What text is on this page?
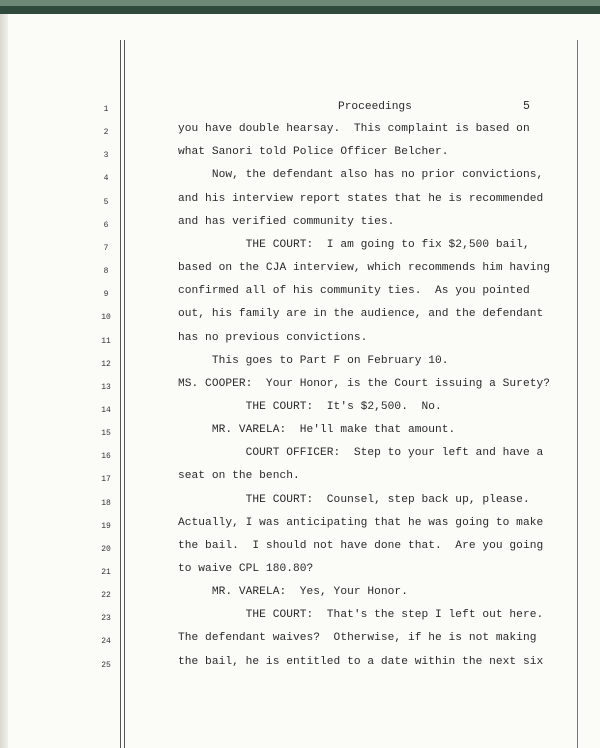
Proceedings	5
1
2	you have double hearsay.  This complaint is based on
3	what Sanori told Police Officer Belcher.
4	Now, the defendant also has no prior convictions,
5	and his interview report states that he is recommended
6	and has verified community ties.
7	THE COURT:  I am going to fix $2,500 bail,
8	based on the CJA interview, which recommends him having
9	confirmed all of his community ties.  As you pointed
10	out, his family are in the audience, and the defendant
11	has no previous convictions.
12	This goes to Part F on February 10.
13	MS. COOPER:  Your Honor, is the Court issuing a Surety?
14	THE COURT:  It's $2,500.  No.
15	MR. VARELA:  He'll make that amount.
16	COURT OFFICER:  Step to your left and have a
17	seat on the bench.
18	THE COURT:  Counsel, step back up, please.
19	Actually, I was anticipating that he was going to make
20	the bail.  I should not have done that.  Are you going
21	to waive CPL 180.80?
22	MR. VARELA:  Yes, Your Honor.
23	THE COURT:  That's the step I left out here.
24	The defendant waives?  Otherwise, if he is not making
25	the bail, he is entitled to a date within the next six
